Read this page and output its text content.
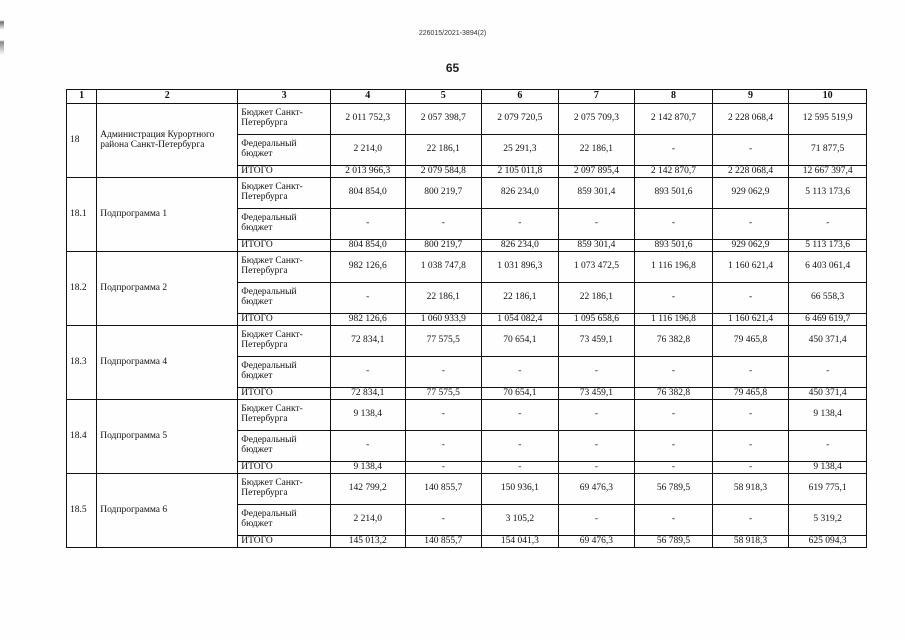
226015/2021-3894(2)
65
1	2	3	4	5	6	7	8	9	10
18	Администрация Курортного района Санкт-Петербурга	Бюджет Санкт-Петербурга	2 011 752,3	2 057 398,7	2 079 720,5	2 075 709,3	2 142 870,7	2 228 068,4	12 595 519,9
		Федеральный бюджет	2 214,0	22 186,1	25 291,3	22 186,1	-	-	71 877,5
		ИТОГО	2 013 966,3	2 079 584,8	2 105 011,8	2 097 895,4	2 142 870,7	2 228 068,4	12 667 397,4
18.1	Подпрограмма 1	Бюджет Санкт-Петербурга	804 854,0	800 219,7	826 234,0	859 301,4	893 501,6	929 062,9	5 113 173,6
		Федеральный бюджет	-	-	-	-	-	-	-
		ИТОГО	804 854,0	800 219,7	826 234,0	859 301,4	893 501,6	929 062,9	5 113 173,6
18.2	Подпрограмма 2	Бюджет Санкт-Петербурга	982 126,6	1 038 747,8	1 031 896,3	1 073 472,5	1 116 196,8	1 160 621,4	6 403 061,4
		Федеральный бюджет	-	22 186,1	22 186,1	22 186,1	-	-	66 558,3
		ИТОГО	982 126,6	1 060 933,9	1 054 082,4	1 095 658,6	1 116 196,8	1 160 621,4	6 469 619,7
18.3	Подпрограмма 4	Бюджет Санкт-Петербурга	72 834,1	77 575,5	70 654,1	73 459,1	76 382,8	79 465,8	450 371,4
		Федеральный бюджет	-	-	-	-	-	-	-
		ИТОГО	72 834,1	77 575,5	70 654,1	73 459,1	76 382,8	79 465,8	450 371,4
18.4	Подпрограмма 5	Бюджет Санкт-Петербурга	9 138,4	-	-	-	-	-	9 138,4
		Федеральный бюджет	-	-	-	-	-	-	-
		ИТОГО	9 138,4	-	-	-	-	-	9 138,4
18.5	Подпрограмма 6	Бюджет Санкт-Петербурга	142 799,2	140 855,7	150 936,1	69 476,3	56 789,5	58 918,3	619 775,1
		Федеральный бюджет	2 214,0	-	3 105,2	-	-	-	5 319,2
		ИТОГО	145 013,2	140 855,7	154 041,3	69 476,3	56 789,5	58 918,3	625 094,3
